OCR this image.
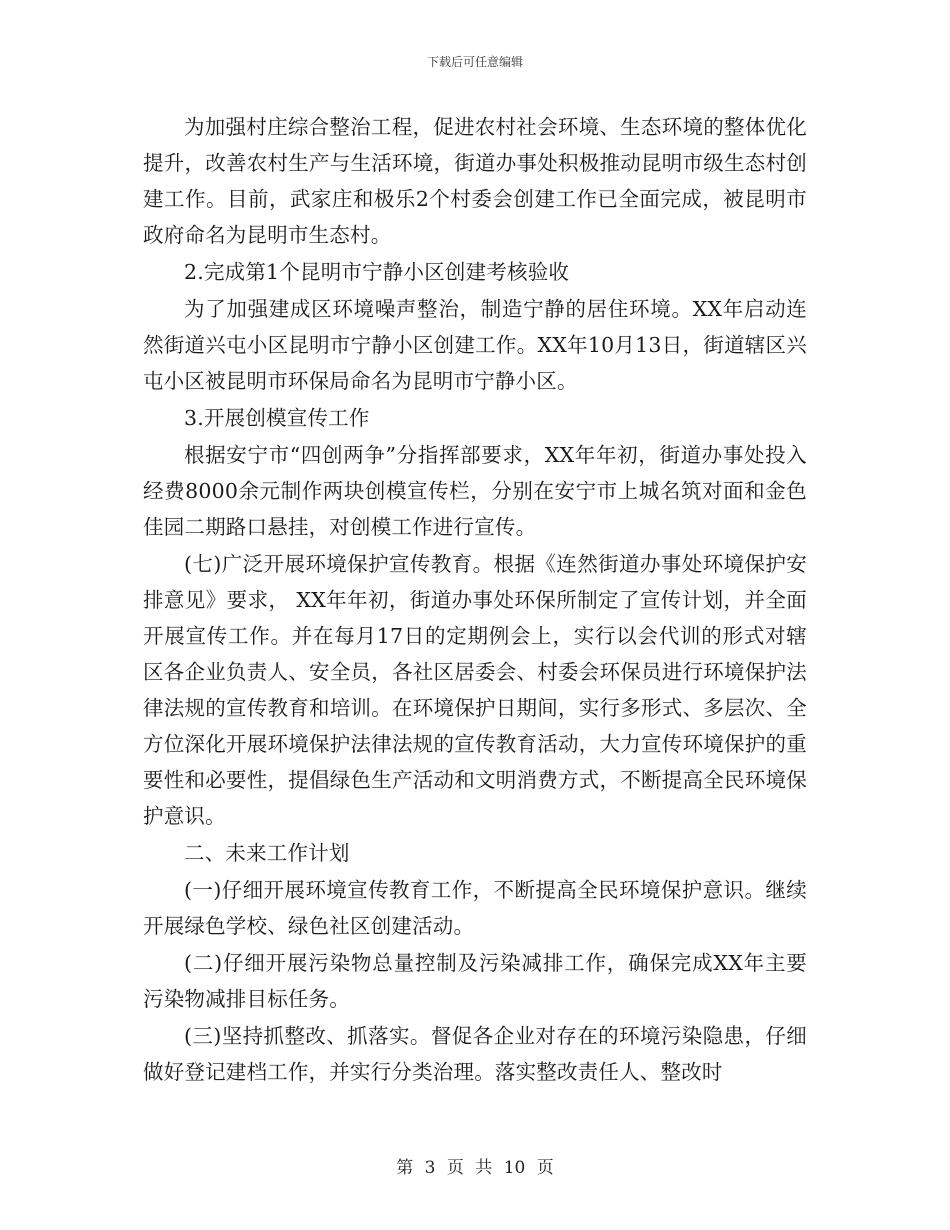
下载后可任意编辑

为加强村庄综合整治工程，促进农村社会环境、生态环境的整体优化提升，改善农村生产与生活环境，街道办事处积极推动昆明市级生态村创建工作。目前，武家庄和极乐2个村委会创建工作已全面完成，被昆明市政府命名为昆明市生态村。

2.完成第1个昆明市宁静小区创建考核验收

为了加强建成区环境噪声整治，制造宁静的居住环境。XX年启动连然街道兴屯小区昆明市宁静小区创建工作。XX年10月13日，街道辖区兴屯小区被昆明市环保局命名为昆明市宁静小区。

3.开展创模宣传工作

根据安宁市“四创两争”分指挥部要求，XX年年初，街道办事处投入经费8000余元制作两块创模宣传栏，分别在安宁市上城名筑对面和金色佳园二期路口悬挂，对创模工作进行宣传。

(七)广泛开展环境保护宣传教育。根据《连然街道办事处环境保护安排意见》要求， XX年年初，街道办事处环保所制定了宣传计划，并全面开展宣传工作。并在每月17日的定期例会上，实行以会代训的形式对辖区各企业负责人、安全员，各社区居委会、村委会环保员进行环境保护法律法规的宣传教育和培训。在环境保护日期间，实行多形式、多层次、全方位深化开展环境保护法律法规的宣传教育活动，大力宣传环境保护的重要性和必要性，提倡绿色生产活动和文明消费方式，不断提高全民环境保护意识。

二、未来工作计划

(一)仔细开展环境宣传教育工作，不断提高全民环境保护意识。继续开展绿色学校、绿色社区创建活动。

(二)仔细开展污染物总量控制及污染减排工作，确保完成XX年主要污染物减排目标任务。

(三)坚持抓整改、抓落实。督促各企业对存在的环境污染隐患，仔细做好登记建档工作，并实行分类治理。落实整改责任人、整改时

第 3 页 共 10 页
